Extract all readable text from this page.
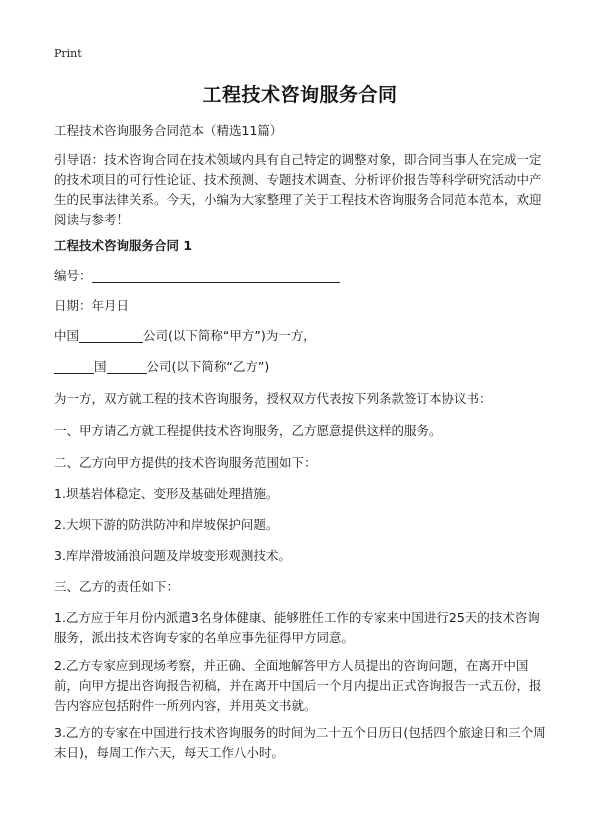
Print
工程技术咨询服务合同
工程技术咨询服务合同范本（精选11篇）
引导语：技术咨询合同在技术领域内具有自己特定的调整对象，即合同当事人在完成一定的技术项目的可行性论证、技术预测、专题技术调查、分析评价报告等科学研究活动中产生的民事法律关系。今天，小编为大家整理了关于工程技术咨询服务合同范本范本，欢迎阅读与参考！
工程技术咨询服务合同 1
编号：
日期：年月日
中国	公司(以下简称“甲方”)为一方，
国	公司(以下简称“乙方”)
为一方，双方就工程的技术咨询服务，授权双方代表按下列条款签订本协议书：
一、甲方请乙方就工程提供技术咨询服务，乙方愿意提供这样的服务。
二、乙方向甲方提供的技术咨询服务范围如下：
1.坝基岩体稳定、变形及基础处理措施。
2.大坝下游的防洪防冲和岸坡保护问题。
3.库岸滑坡涌浪问题及岸坡变形观测技术。
三、乙方的责任如下：
1.乙方应于年月份内派遣3名身体健康、能够胜任工作的专家来中国进行25天的技术咨询服务，派出技术咨询专家的名单应事先征得甲方同意。
2.乙方专家应到现场考察，并正确、全面地解答甲方人员提出的咨询问题，在离开中国前，向甲方提出咨询报告初稿，并在离开中国后一个月内提出正式咨询报告一式五份，报告内容应包括附件一所列内容，并用英文书就。
3.乙方的专家在中国进行技术咨询服务的时间为二十五个日历日(包括四个旅途日和三个周末日)，每周工作六天，每天工作八小时。
